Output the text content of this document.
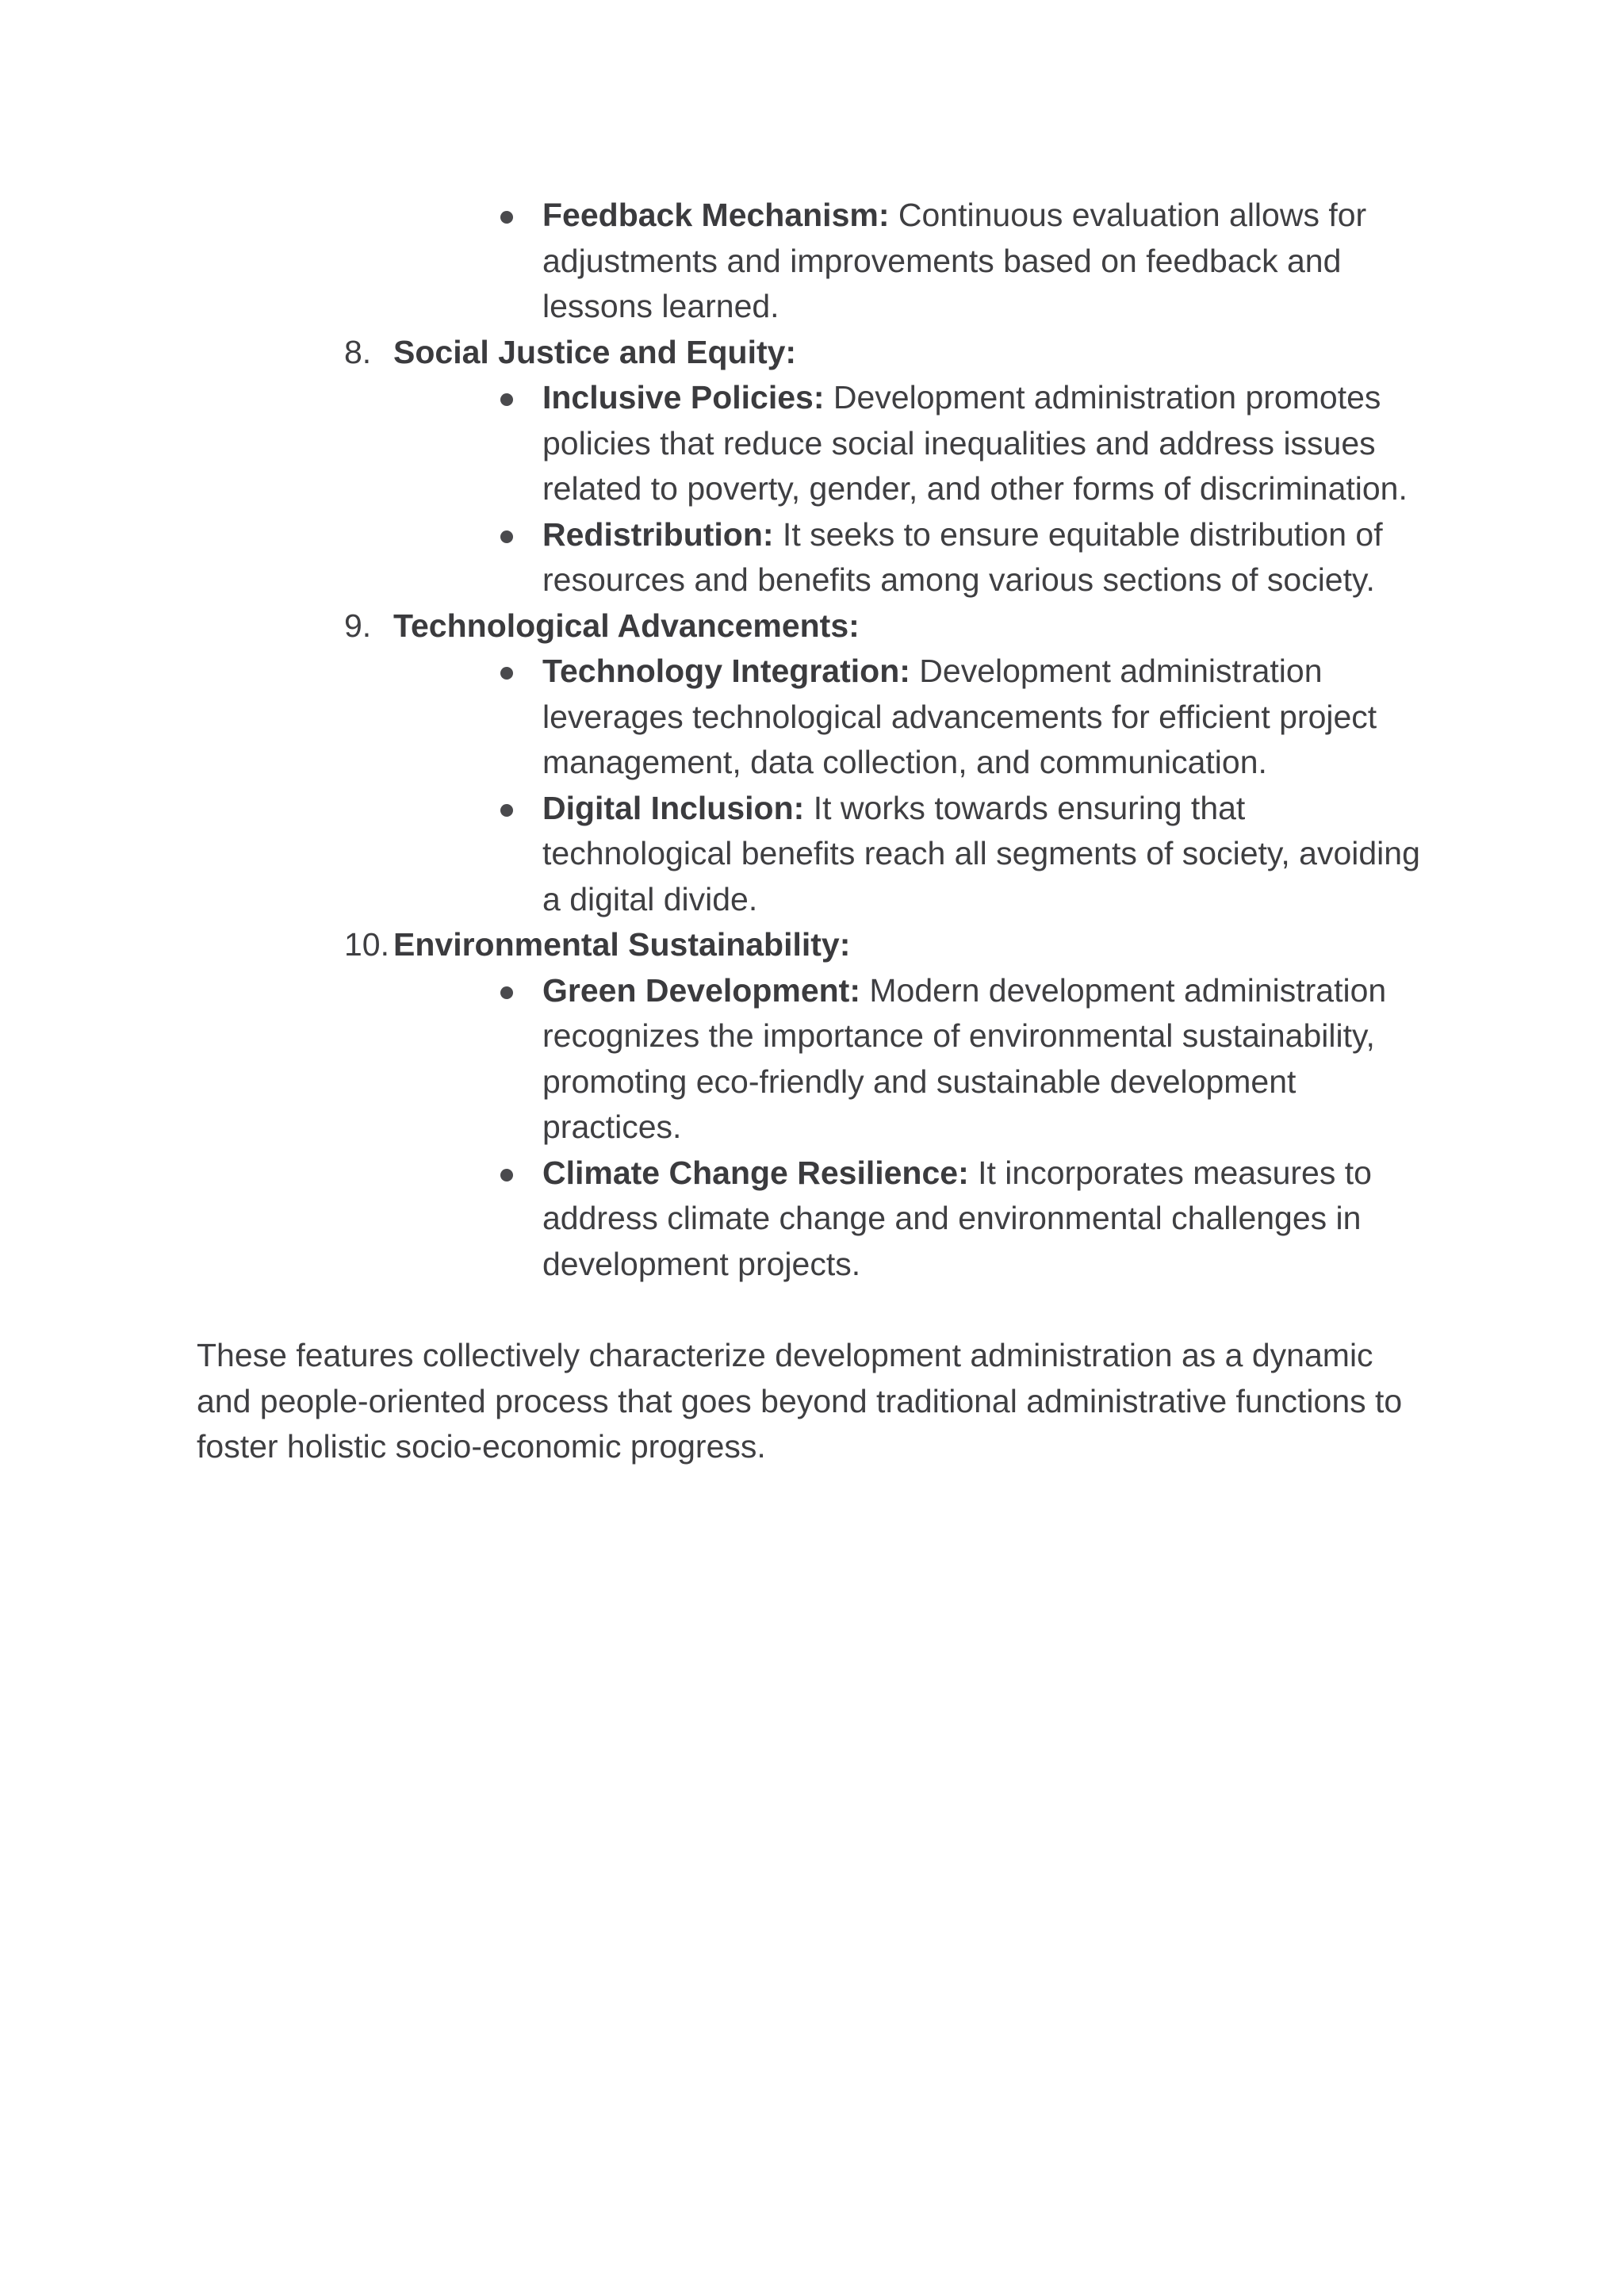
Feedback Mechanism: Continuous evaluation allows for adjustments and improvements based on feedback and lessons learned.
8. Social Justice and Equity:
Inclusive Policies: Development administration promotes policies that reduce social inequalities and address issues related to poverty, gender, and other forms of discrimination.
Redistribution: It seeks to ensure equitable distribution of resources and benefits among various sections of society.
9. Technological Advancements:
Technology Integration: Development administration leverages technological advancements for efficient project management, data collection, and communication.
Digital Inclusion: It works towards ensuring that technological benefits reach all segments of society, avoiding a digital divide.
10. Environmental Sustainability:
Green Development: Modern development administration recognizes the importance of environmental sustainability, promoting eco-friendly and sustainable development practices.
Climate Change Resilience: It incorporates measures to address climate change and environmental challenges in development projects.

These features collectively characterize development administration as a dynamic and people-oriented process that goes beyond traditional administrative functions to foster holistic socio-economic progress.
